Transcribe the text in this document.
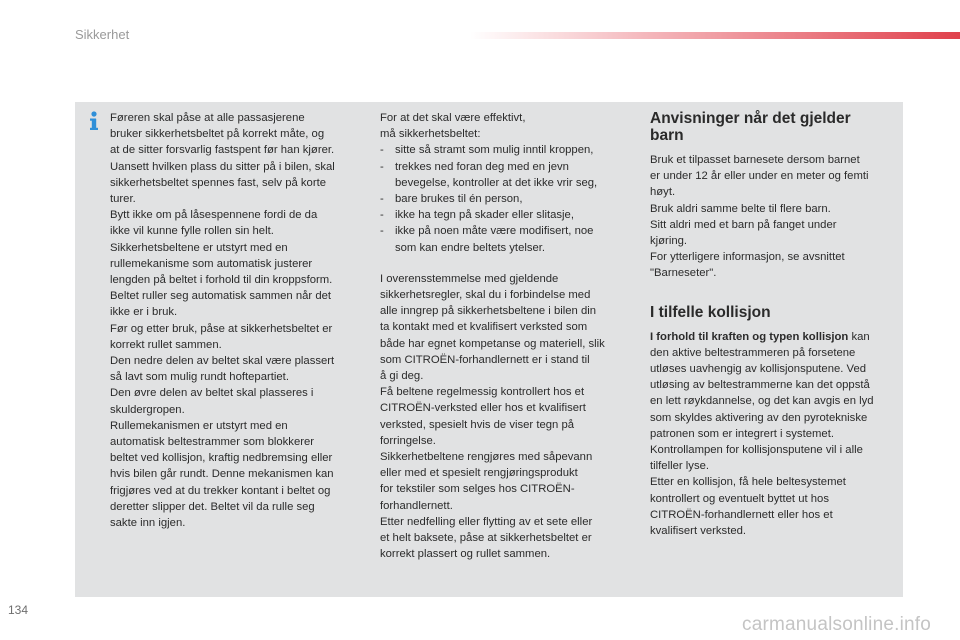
Sikkerhet

Føreren skal påse at alle passasjerene

bruker sikkerhetsbeltet på korrekt måte, og

at de sitter forsvarlig fastspent før han kjører.

Uansett hvilken plass du sitter på i bilen, skal

sikkerhetsbeltet spennes fast, selv på korte

turer.

Bytt ikke om på låsespennene fordi de da

ikke vil kunne fylle rollen sin helt.

Sikkerhetsbeltene er utstyrt med en

rullemekanisme som automatisk justerer

lengden på beltet i forhold til din kroppsform.

Beltet ruller seg automatisk sammen når det

ikke er i bruk.

Før og etter bruk, påse at sikkerhetsbeltet er

korrekt rullet sammen.

Den nedre delen av beltet skal være plassert

så lavt som mulig rundt hoftepartiet.

Den øvre delen av beltet skal plasseres i

skuldergropen.

Rullemekanismen er utstyrt med en

automatisk beltestrammer som blokkerer

beltet ved kollisjon, kraftig nedbremsing eller

hvis bilen går rundt. Denne mekanismen kan

frigjøres ved at du trekker kontant i beltet og

deretter slipper det. Beltet vil da rulle seg

sakte inn igjen.

For at det skal være effektivt,

må sikkerhetsbeltet:

- sitte så stramt som mulig inntil kroppen,

- trekkes ned foran deg med en jevn

bevegelse, kontroller at det ikke vrir seg,

- bare brukes til én person,

- ikke ha tegn på skader eller slitasje,

- ikke på noen måte være modifisert, noe

som kan endre beltets ytelser.

I overensstemmelse med gjeldende

sikkerhetsregler, skal du i forbindelse med

alle inngrep på sikkerhetsbeltene i bilen din

ta kontakt med et kvalifisert verksted som

både har egnet kompetanse og materiell, slik

som CITROËN-forhandlernett er i stand til

å gi deg.

Få beltene regelmessig kontrollert hos et

CITROËN-verksted eller hos et kvalifisert

verksted, spesielt hvis de viser tegn på

forringelse.

Sikkerhetbeltene rengjøres med såpevann

eller med et spesielt rengjøringsprodukt

for tekstiler som selges hos CITROËN-

forhandlernett.

Etter nedfelling eller flytting av et sete eller

et helt baksete, påse at sikkerhetsbeltet er

korrekt plassert og rullet sammen.

Anvisninger når det gjelder
barn

Bruk et tilpasset barnesete dersom barnet

er under 12 år eller under en meter og femti

høyt.

Bruk aldri samme belte til flere barn.

Sitt aldri med et barn på fanget under

kjøring.

For ytterligere informasjon, se avsnittet

"Barneseter".

I tilfelle kollisjon

I forhold til kraften og typen kollisjon kan

den aktive beltestrammeren på forsetene

utløses uavhengig av kollisjonsputene. Ved

utløsing av beltestrammerne kan det oppstå

en lett røykdannelse, og det kan avgis en lyd

som skyldes aktivering av den pyrotekniske

patronen som er integrert i systemet.

Kontrollampen for kollisjonsputene vil i alle

tilfeller lyse.

Etter en kollisjon, få hele beltesystemet

kontrollert og eventuelt byttet ut hos

CITROËN-forhandlernett eller hos et

kvalifisert verksted.

134
carmanualsonline.info
